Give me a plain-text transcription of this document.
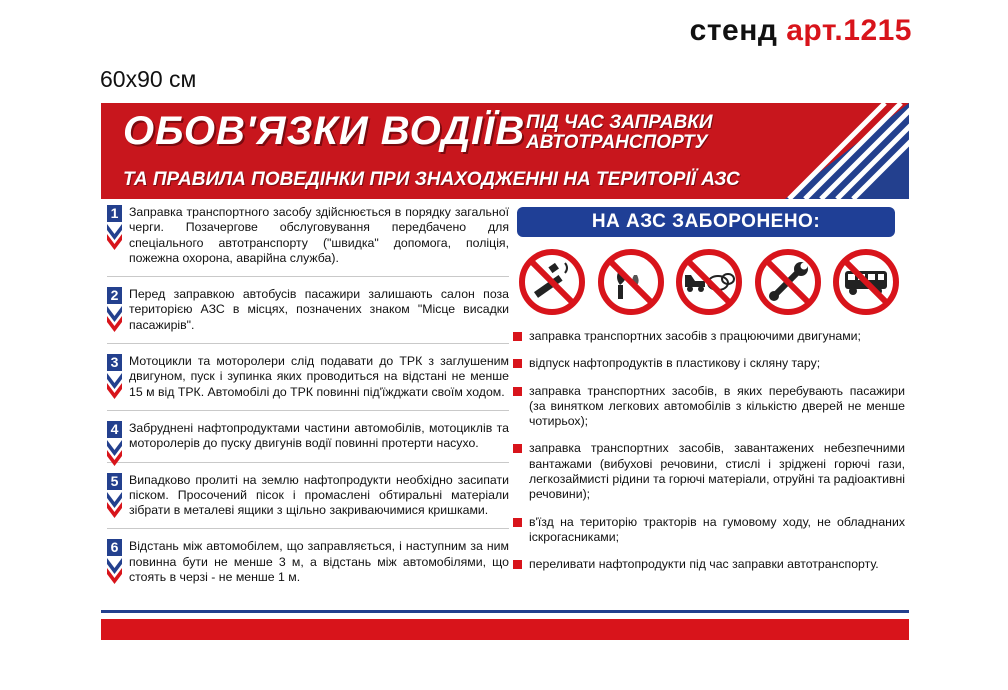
стенд арт.1215
60x90 см
ОБОВ'ЯЗКИ ВОДІЇВ ПІД ЧАС ЗАПРАВКИ
АВТОТРАНСПОРТУ
ТА ПРАВИЛА ПОВЕДІНКИ ПРИ ЗНАХОДЖЕННІ НА ТЕРИТОРІЇ АЗС
1 Заправка транспортного засобу здійснюється в порядку загальної черги. Позачергове обслуговування передбачено для спеціального автотранспорту ("швидка" допомога, поліція, пожежна охорона, аварійна служба).
2 Перед заправкою автобусів пасажири залишають салон поза територією АЗС в місцях, позначених знаком "Місце висадки пасажирів".
3 Мотоцикли та моторолери слід подавати до ТРК з заглушеним двигуном, пуск і зупинка яких проводиться на відстані не менше 15 м від ТРК. Автомобілі до ТРК повинні під'їжджати своїм ходом.
4 Забруднені нафтопродуктами частини автомобілів, мотоциклів та моторолерів до пуску двигунів водії повинні протерти насухо.
5 Випадково пролиті на землю нафтопродукти необхідно засипати піском. Просочений пісок і промаслені обтиральні матеріали зібрати в металеві ящики з щільно закриваючимися кришками.
6 Відстань між автомобілем, що заправляється, і наступним за ним повинна бути не менше 3 м, а відстань між автомобілями, що стоять в черзі - не менше 1 м.
НА АЗС ЗАБОРОНЕНО:
заправка транспортних засобів з працюючими двигунами;
відпуск нафтопродуктів в пластикову і скляну тару;
заправка транспортних засобів, в яких перебувають пасажири (за винятком легкових автомобілів з кількістю дверей не менше чотирьох);
заправка транспортних засобів, завантажених небезпечними вантажами (вибухові речовини, стислі і зріджені горючі гази, легкозаймисті рідини та горючі матеріали, отруйні та радіоактивні речовини);
в'їзд на територію тракторів на гумовому ходу, не обладнаних іскрогасниками;
переливати нафтопродукти під час заправки автотранспорту.
